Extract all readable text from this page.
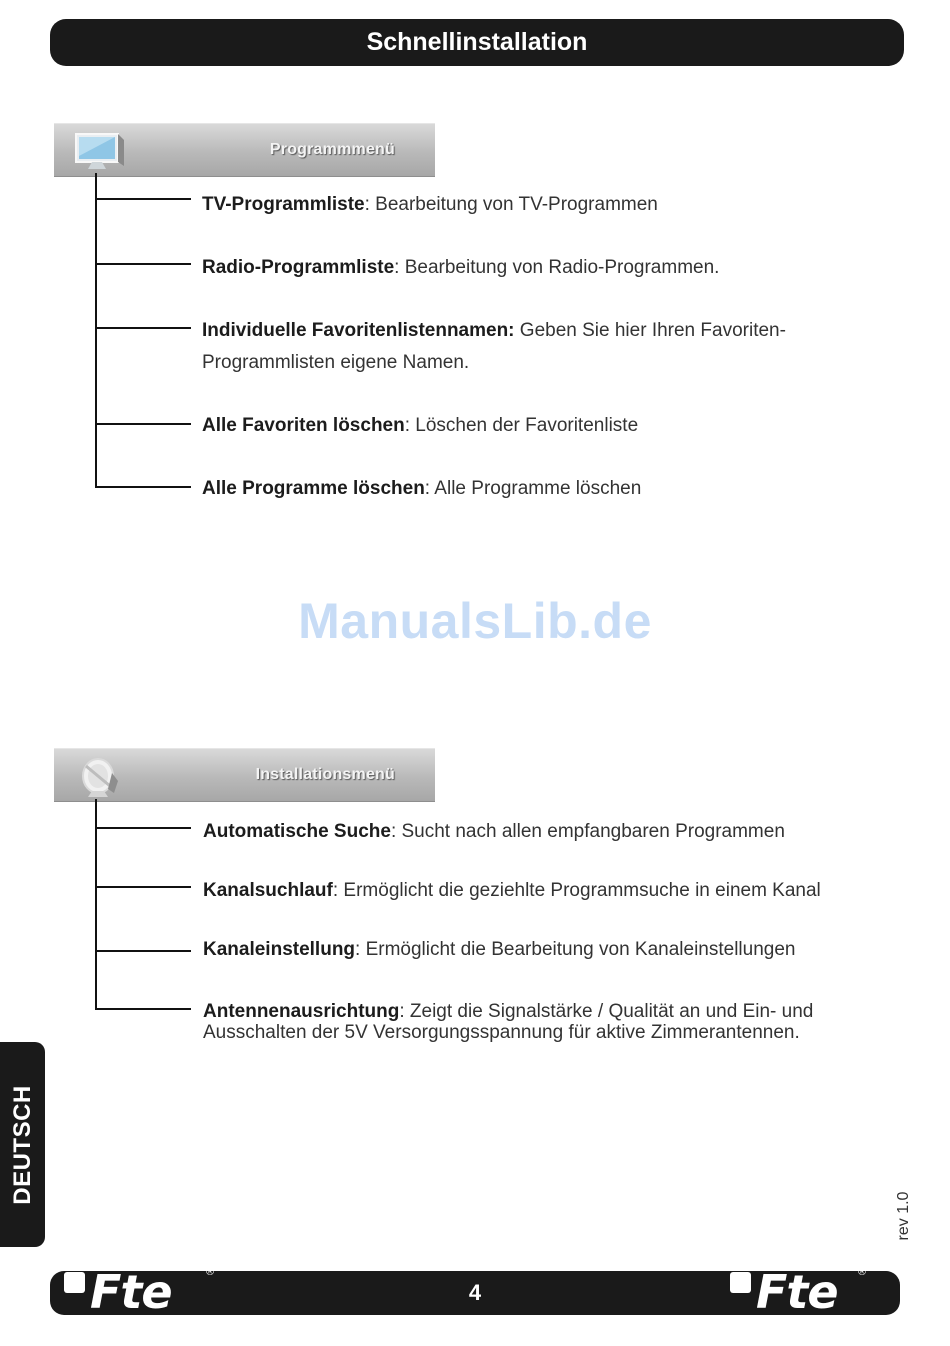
Schnellinstallation
Programmmenü
TV-Programmliste: Bearbeitung von TV-Programmen
Radio-Programmliste: Bearbeitung von Radio-Programmen.
Individuelle Favoritenlistennamen: Geben Sie hier Ihren Favoriten-
Programmlisten eigene Namen.
Alle Favoriten löschen: Löschen der Favoritenliste
Alle Programme löschen: Alle Programme löschen
ManualsLib.de
Installationsmenü
Automatische Suche: Sucht nach allen empfangbaren Programmen
Kanalsuchlauf: Ermöglicht die geziehlte Programmsuche in einem Kanal
Kanaleinstellung: Ermöglicht die Bearbeitung von Kanaleinstellungen
Antennenausrichtung: Zeigt die Signalstärke / Qualität an und Ein- und
Ausschalten der 5V Versorgungsspannung für aktive Zimmerantennen.
DEUTSCH
rev 1.0
Fte	®
4	Fte ®
